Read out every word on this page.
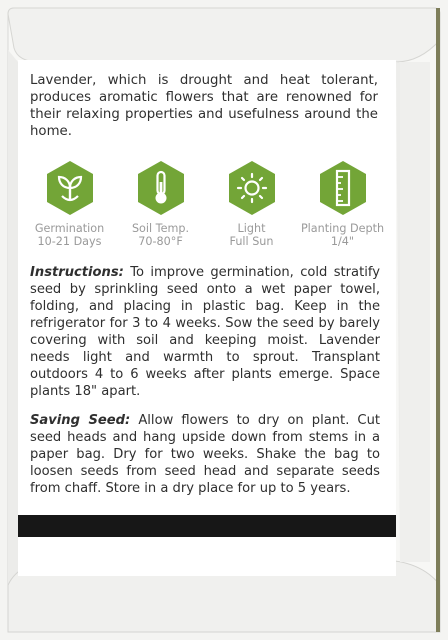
Lavender, which is drought and heat tolerant, produces aromatic flowers that are renowned for their relaxing properties and usefulness around the home.

Germination
10-21 Days
Soil Temp.
70-80°F
Light
Full Sun
Planting Depth
1/4"

Instructions: To improve germination, cold stratify seed by sprinkling seed onto a wet paper towel, folding, and placing in plastic bag. Keep in the refrigerator for 3 to 4 weeks. Sow the seed by barely covering with soil and keeping moist. Lavender needs light and warmth to sprout. Transplant outdoors 4 to 6 weeks after plants emerge. Space plants 18" apart.

Saving Seed: Allow flowers to dry on plant. Cut seed heads and hang upside down from stems in a paper bag. Dry for two weeks. Shake the bag to loosen seeds from seed head and separate seeds from chaff. Store in a dry place for up to 5 years.
